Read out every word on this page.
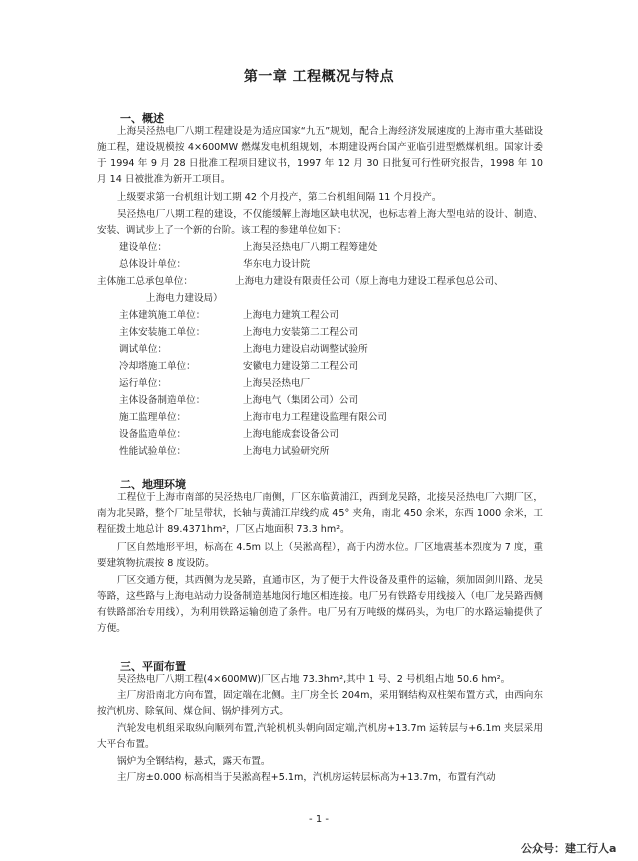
第一章 工程概况与特点
一、概述

上海吴泾热电厂八期工程建设是为适应国家“九五”规划，配合上海经济发展速度的上海市重大基础设施工程，建设规模按 4×600MW 燃煤发电机组规划，本期建设两台国产亚临引进型燃煤机组。国家计委于 1994 年 9 月 28 日批准工程项目建议书，1997 年 12 月 30 日批复可行性研究报告，1998 年 10 月 14 日被批准为新开工项目。

上级要求第一台机组计划工期 42 个月投产，第二台机组间隔 11 个月投产。

吴泾热电厂八期工程的建设，不仅能缓解上海地区缺电状况，也标志着上海大型电站的设计、制造、安装、调试步上了一个新的台阶。该工程的参建单位如下：

建设单位：	上海吴泾热电厂八期工程筹建处
总体设计单位：	华东电力设计院
主体施工总承包单位：	上海电力建设有限责任公司（原上海电力建设工程承包总公司、
上海电力建设局）
主体建筑施工单位：	上海电力建筑工程公司
主体安装施工单位：	上海电力安装第二工程公司
调试单位：	上海电力建设启动调整试验所
冷却塔施工单位：	安徽电力建设第二工程公司
运行单位：	上海吴泾热电厂
主体设备制造单位：	上海电气（集团公司）公司
施工监理单位：	上海市电力工程建设监理有限公司
设备监造单位：	上海电能成套设备公司
性能试验单位：	上海电力试验研究所
二、地理环境

工程位于上海市南部的吴泾热电厂南侧，厂区东临黄浦江，西到龙吴路，北接吴泾热电厂六期厂区，南为北吴路，整个厂址呈带状，长轴与黄浦江岸线约成 45° 夹角，南北 450 余米，东西 1000 余米，工程征拨土地总计 89.4371hm²，厂区占地面积 73.3 hm²。

厂区自然地形平坦，标高在 4.5m 以上（吴淞高程），高于内涝水位。厂区地震基本烈度为 7 度，重要建筑物抗震按 8 度设防。

厂区交通方便，其西侧为龙吴路，直通市区，为了便于大件设备及重件的运输，须加固剑川路、龙吴等路，这些路与上海电站动力设备制造基地闵行地区相连接。电厂另有铁路专用线接入（电厂龙吴路西侧有铁路部治专用线），为利用铁路运输创造了条件。电厂另有万吨级的煤码头，为电厂的水路运输提供了方便。

三、平面布置

吴泾热电厂八期工程(4×600MW)厂区占地 73.3hm²,其中 1 号、2 号机组占地 50.6 hm²。

主厂房沿南北方向布置，固定端在北侧。主厂房全长 204m，采用钢结构双柱架布置方式，由西向东按汽机房、除氧间、煤仓间、锅炉排列方式。

汽轮发电机组采取纵向顺列布置,汽轮机机头朝向固定端,汽机房+13.7m 运转层与+6.1m 夹层采用大平台布置。

锅炉为全钢结构，悬式，露天布置。

主厂房±0.000 标高相当于吴淞高程+5.1m，汽机房运转层标高为+13.7m，布置有汽动

- 1 -
公众号：建工行人a
